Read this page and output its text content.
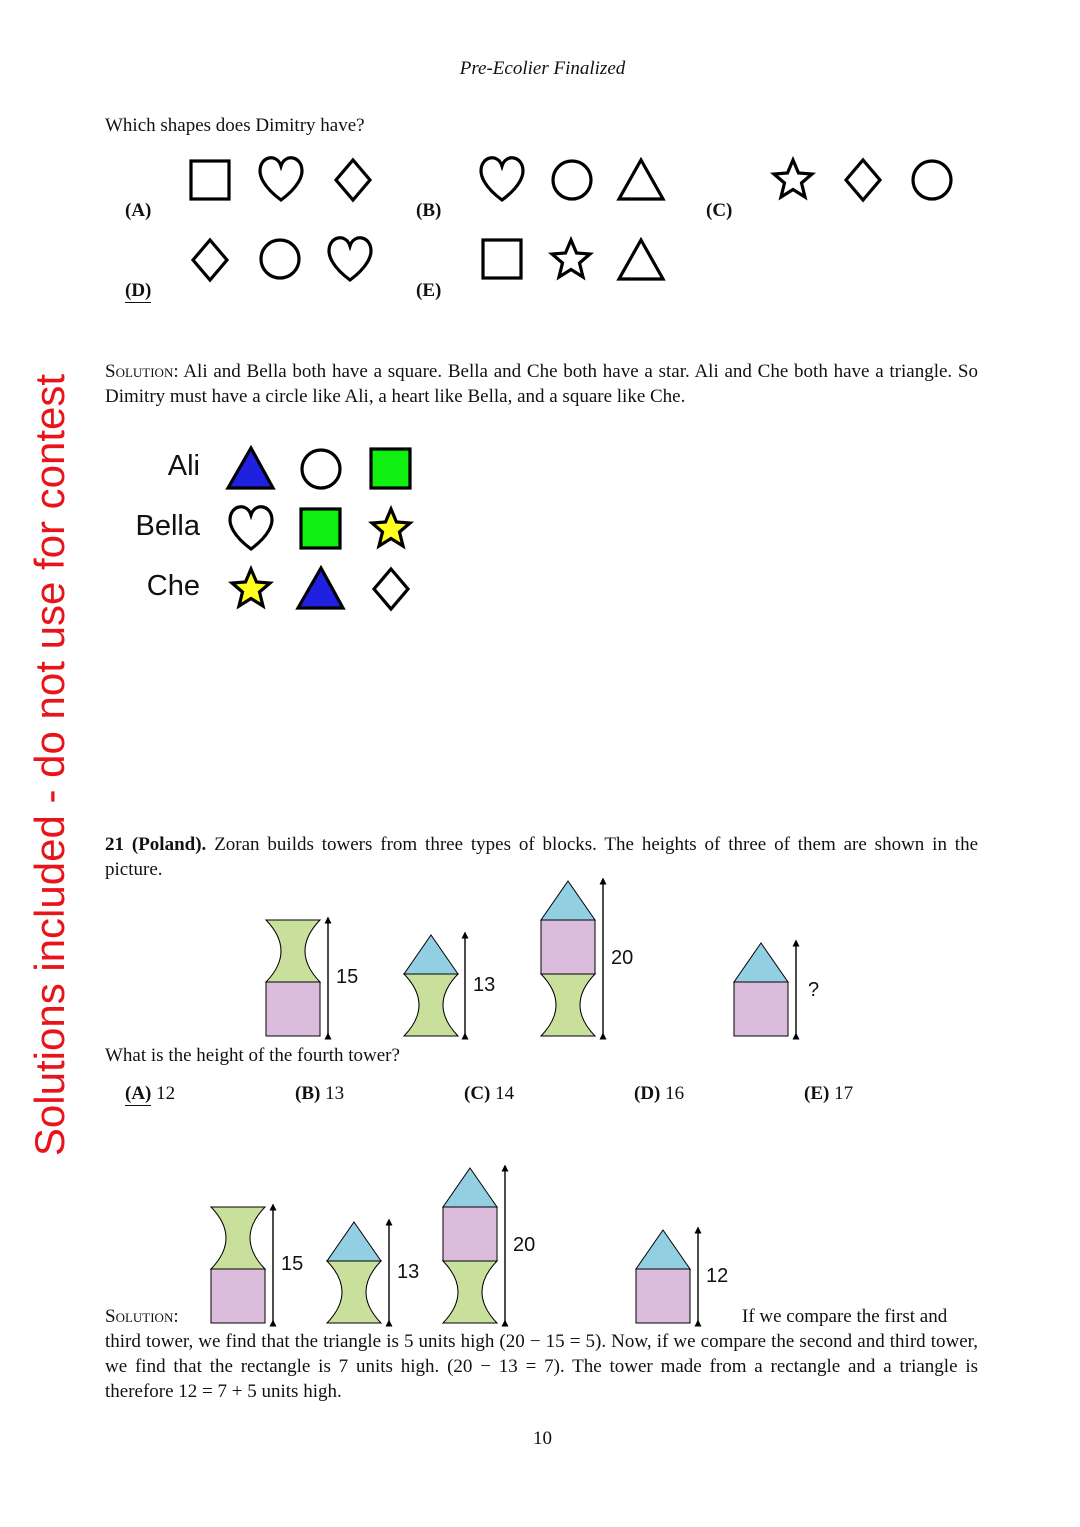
Pre-Ecolier Finalized
Solutions included - do not use for contest
Which shapes does Dimitry have?
(A)	(B)	(C)
(D)	(E)
Solution: Ali and Bella both have a square. Bella and Che both have a star. Ali and Che both have a triangle. So Dimitry must have a circle like Ali, a heart like Bella, and a square like Che.
Ali
Bella
Che
21 (Poland). Zoran builds towers from three types of blocks. The heights of three of them are shown in the picture.
15	13
20
?
What is the height of the fourth tower?
(A) 12	(B) 13	(C) 14	(D) 16	(E) 17
15	13
20
12
Solution:	If we compare the first and
third tower, we find that the triangle is 5 units high (20 − 15 = 5). Now, if we compare the second and third tower, we find that the rectangle is 7 units high. (20 − 13 = 7). The tower made from a rectangle and a triangle is therefore 12 = 7 + 5 units high.
10
